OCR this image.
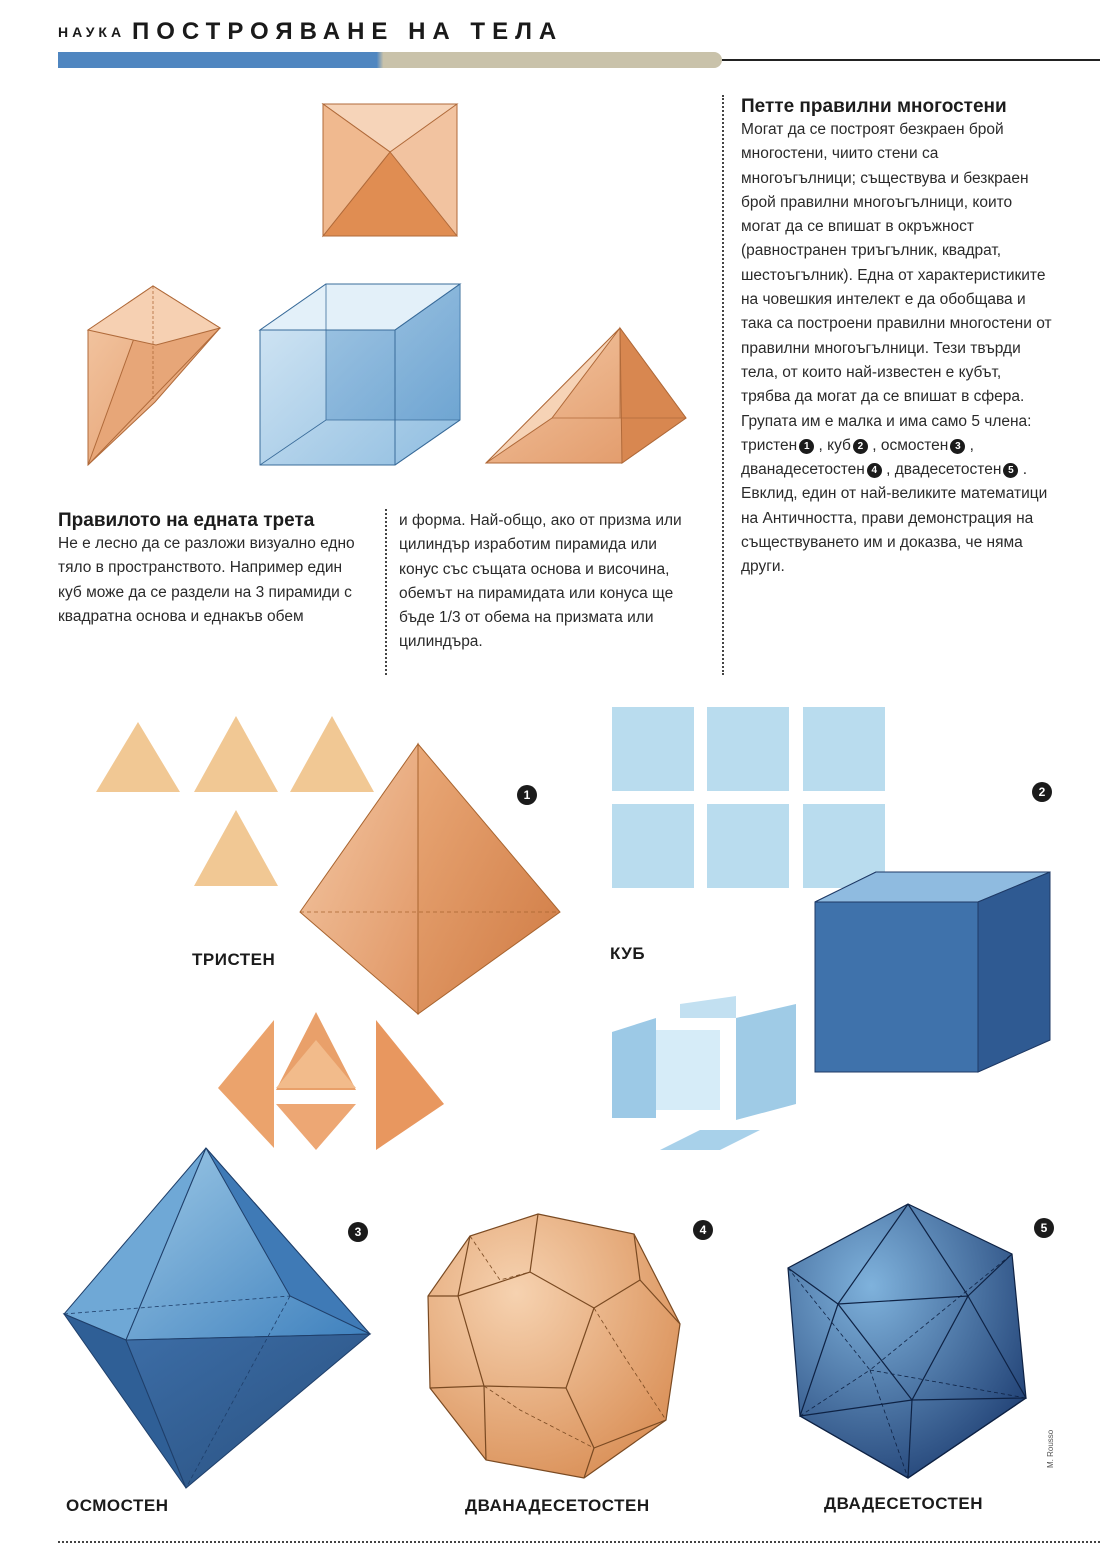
НАУКА ПОСТРОЯВАНЕ НА ТЕЛА
Правилото на едната трета
Не е лесно да се разложи визуално едно тяло в пространството. Например един куб може да се раздели на 3 пирамиди с квадратна основа и еднакъв обем
и форма. Най-общо, ако от призма или цилиндър изработим пирамида или конус със същата основа и височина, обемът на пирамидата или конуса ще бъде 1/3 от обема на призмата или цилиндъра.
Петте правилни многостени
Могат да се построят безкраен брой многостени, чиито стени са многоъгълници; съществува и безкраен брой правилни многоъгълници, които могат да се впишат в окръжност (равностранен триъгълник, квадрат, шестоъгълник). Една от характеристиките на човешкия интелект е да обобщава и така са построени правилни многостени от правилни многоъгълници. Тези твърди тела, от които най-известен е кубът, трябва да могат да се впишат в сфера. Групата им е малка и има само 5 члена: тристен 1 , куб 2 , осмостен 3 , дванадесетостен 4 , двадесетостен 5 . Евклид, един от най-великите математици на Античността, прави демонстрация на съществуването им и доказва, че няма други.
ТРИСТЕН
1
КУБ
2
ОСМОСТЕН
3
ДВАНАДЕСЕТОСТЕН
4
ДВАДЕСЕТОСТЕН
5
M. Rousso
